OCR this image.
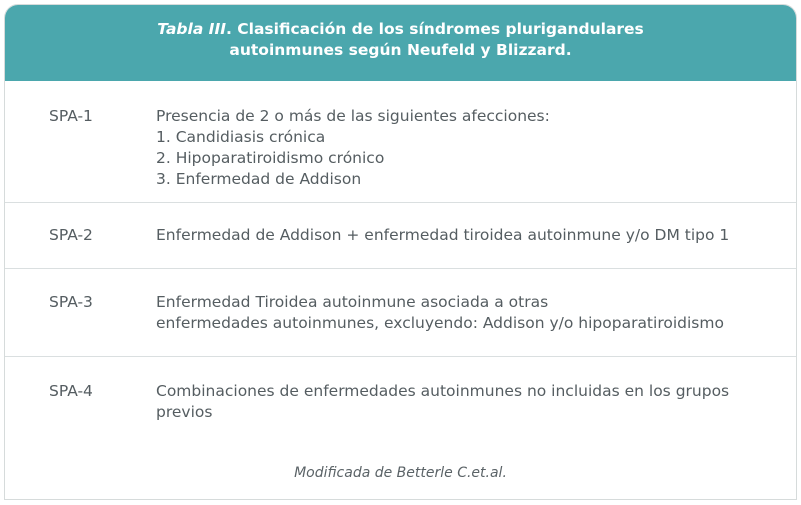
Tabla III. Clasificación de los síndromes plurigandulares
autoinmunes según Neufeld y Blizzard.
SPA-1	Presencia de 2 o más de las siguientes afecciones:
1. Candidiasis crónica
2. Hipoparatiroidismo crónico
3. Enfermedad de Addison
SPA-2	Enfermedad de Addison + enfermedad tiroidea autoinmune y/o DM tipo 1
SPA-3	Enfermedad Tiroidea autoinmune asociada a otras
enfermedades autoinmunes, excluyendo: Addison y/o hipoparatiroidismo
SPA-4	Combinaciones de enfermedades autoinmunes no incluidas en los grupos
previos
Modificada de Betterle C.et.al.
